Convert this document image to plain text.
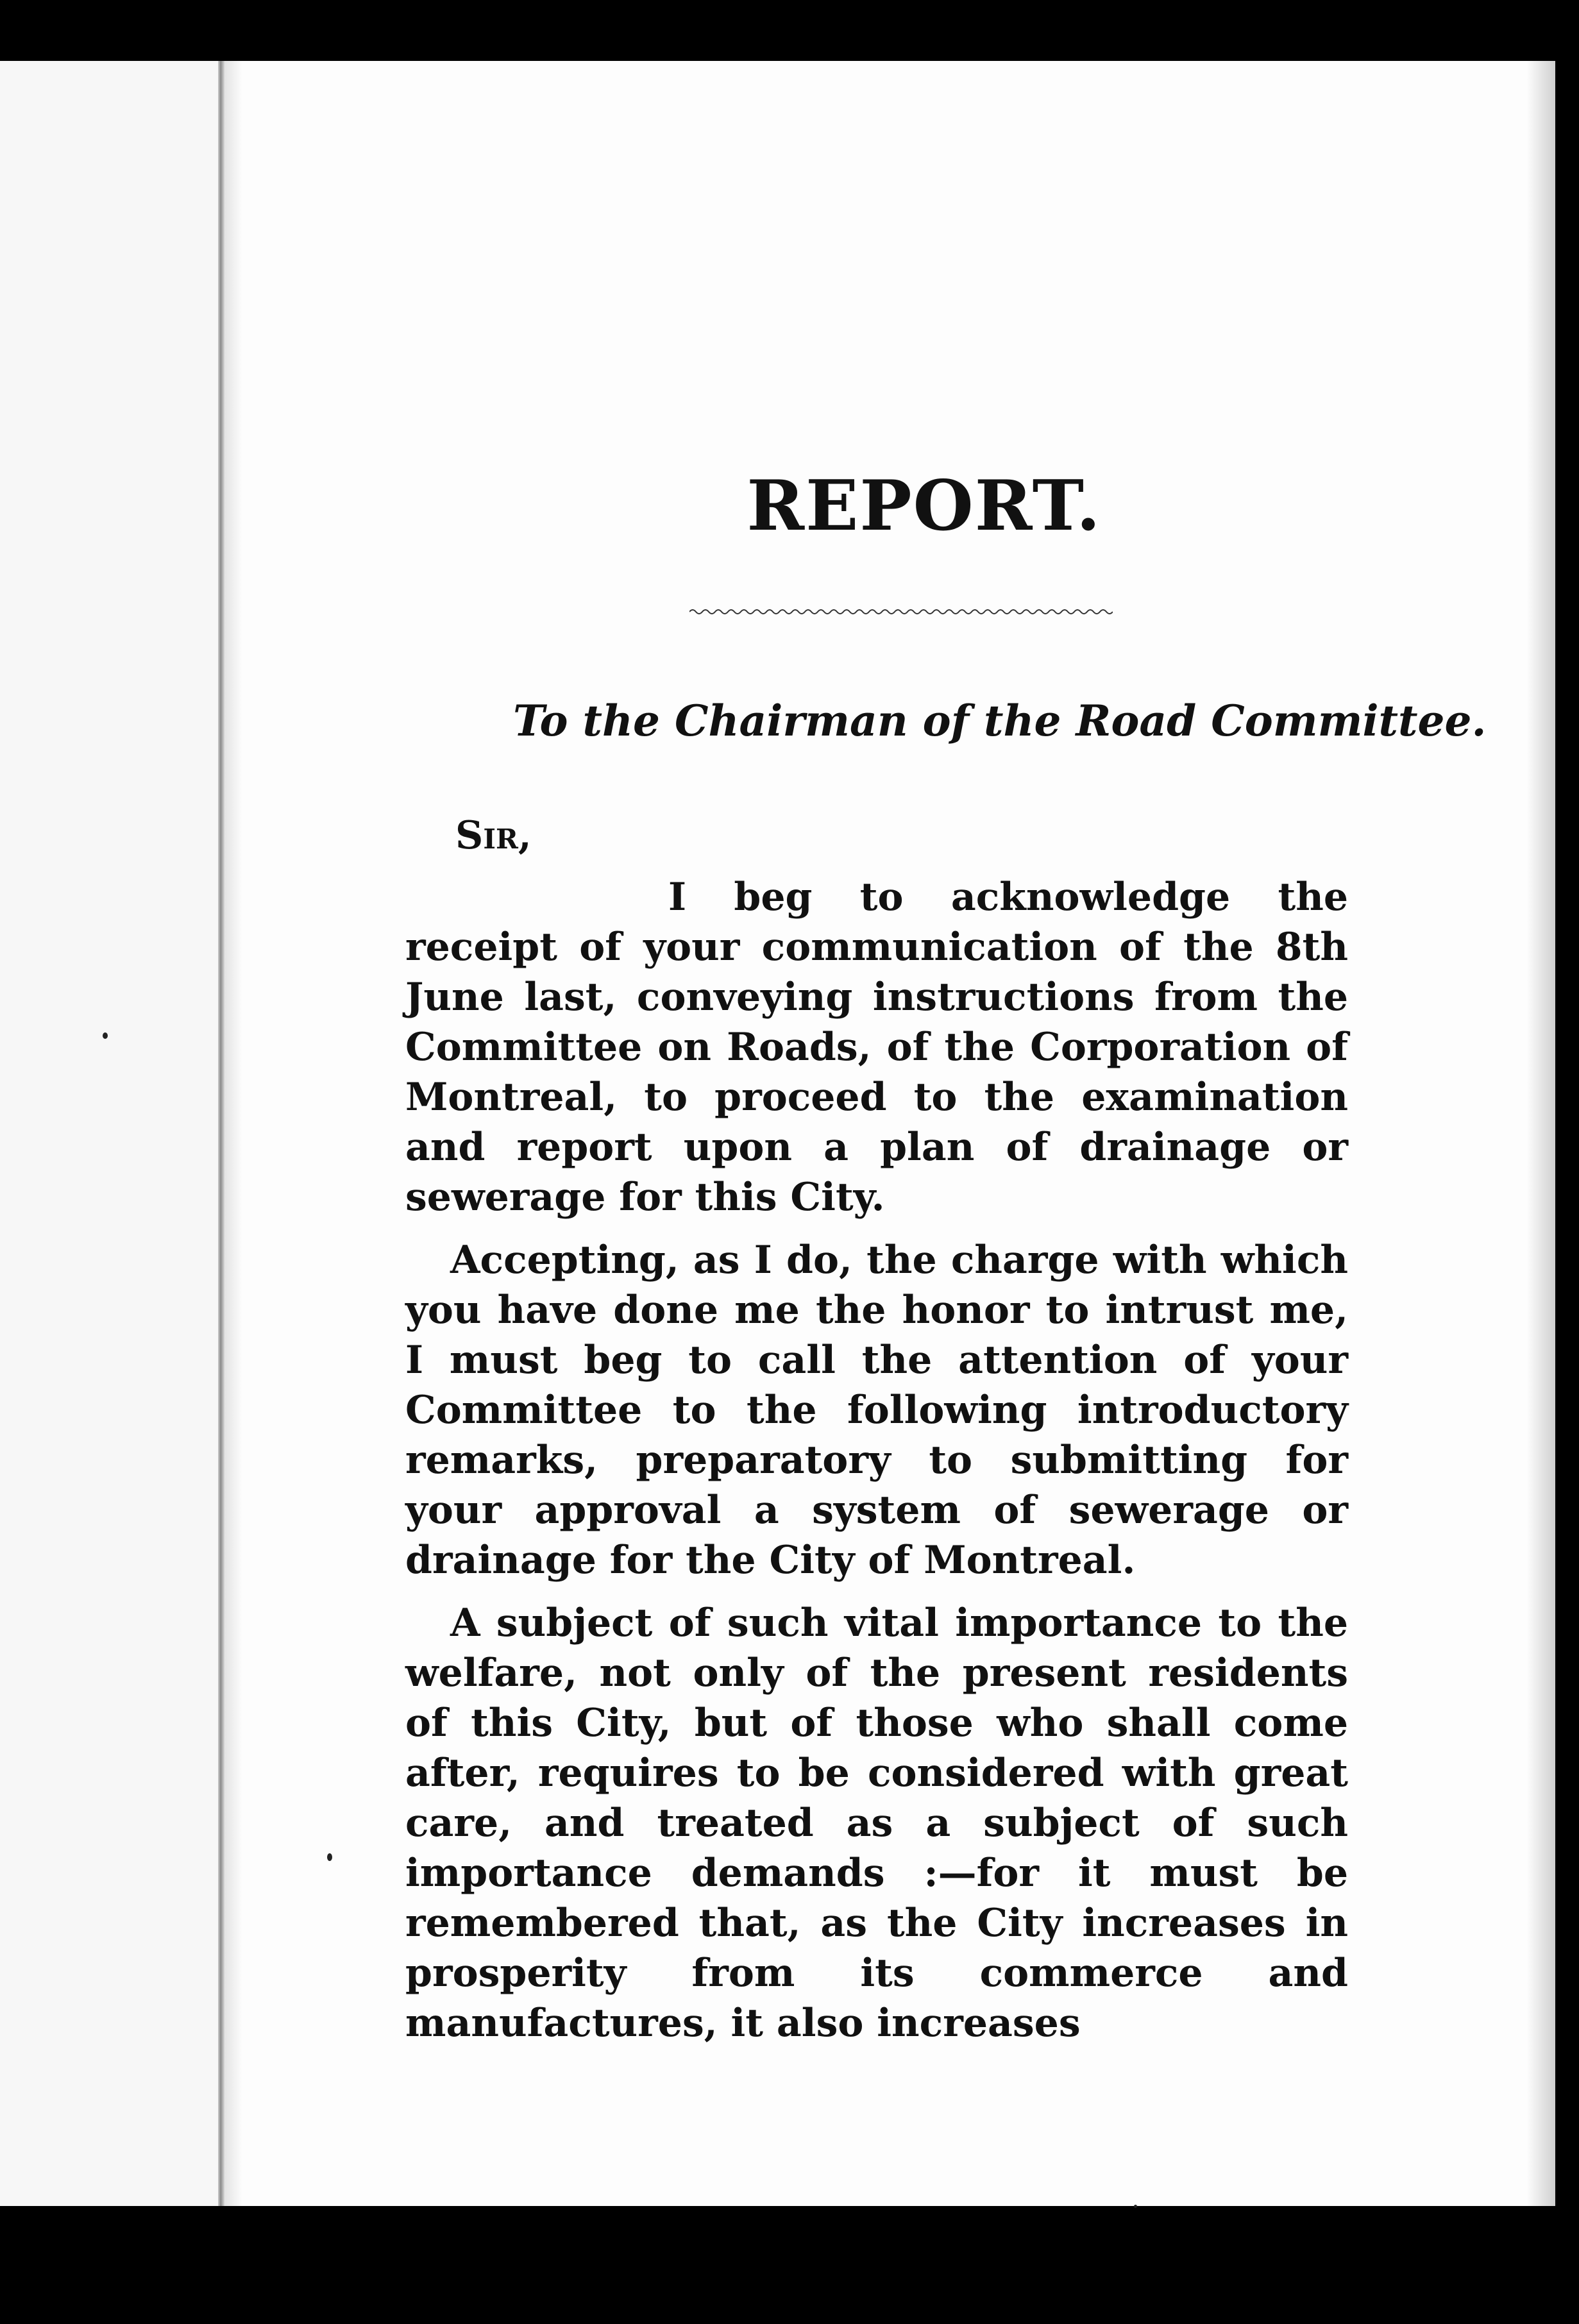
REPORT.
To the Chairman of the Road Committee.
Sir,

I beg to acknowledge the receipt of your communication of the 8th June last, conveying instructions from the Committee on Roads, of the Corporation of Montreal, to proceed to the examination and report upon a plan of drainage or sewerage for this City.

Accepting, as I do, the charge with which you have done me the honor to intrust me, I must beg to call the attention of your Committee to the following introductory remarks, preparatory to submitting for your approval a system of sewerage or drainage for the City of Montreal.

A subject of such vital importance to the welfare, not only of the present residents of this City, but of those who shall come after, requires to be considered with great care, and treated as a subject of such importance demands :—for it must be remembered that, as the City increases in prosperity from its commerce and manufactures, it also increases
